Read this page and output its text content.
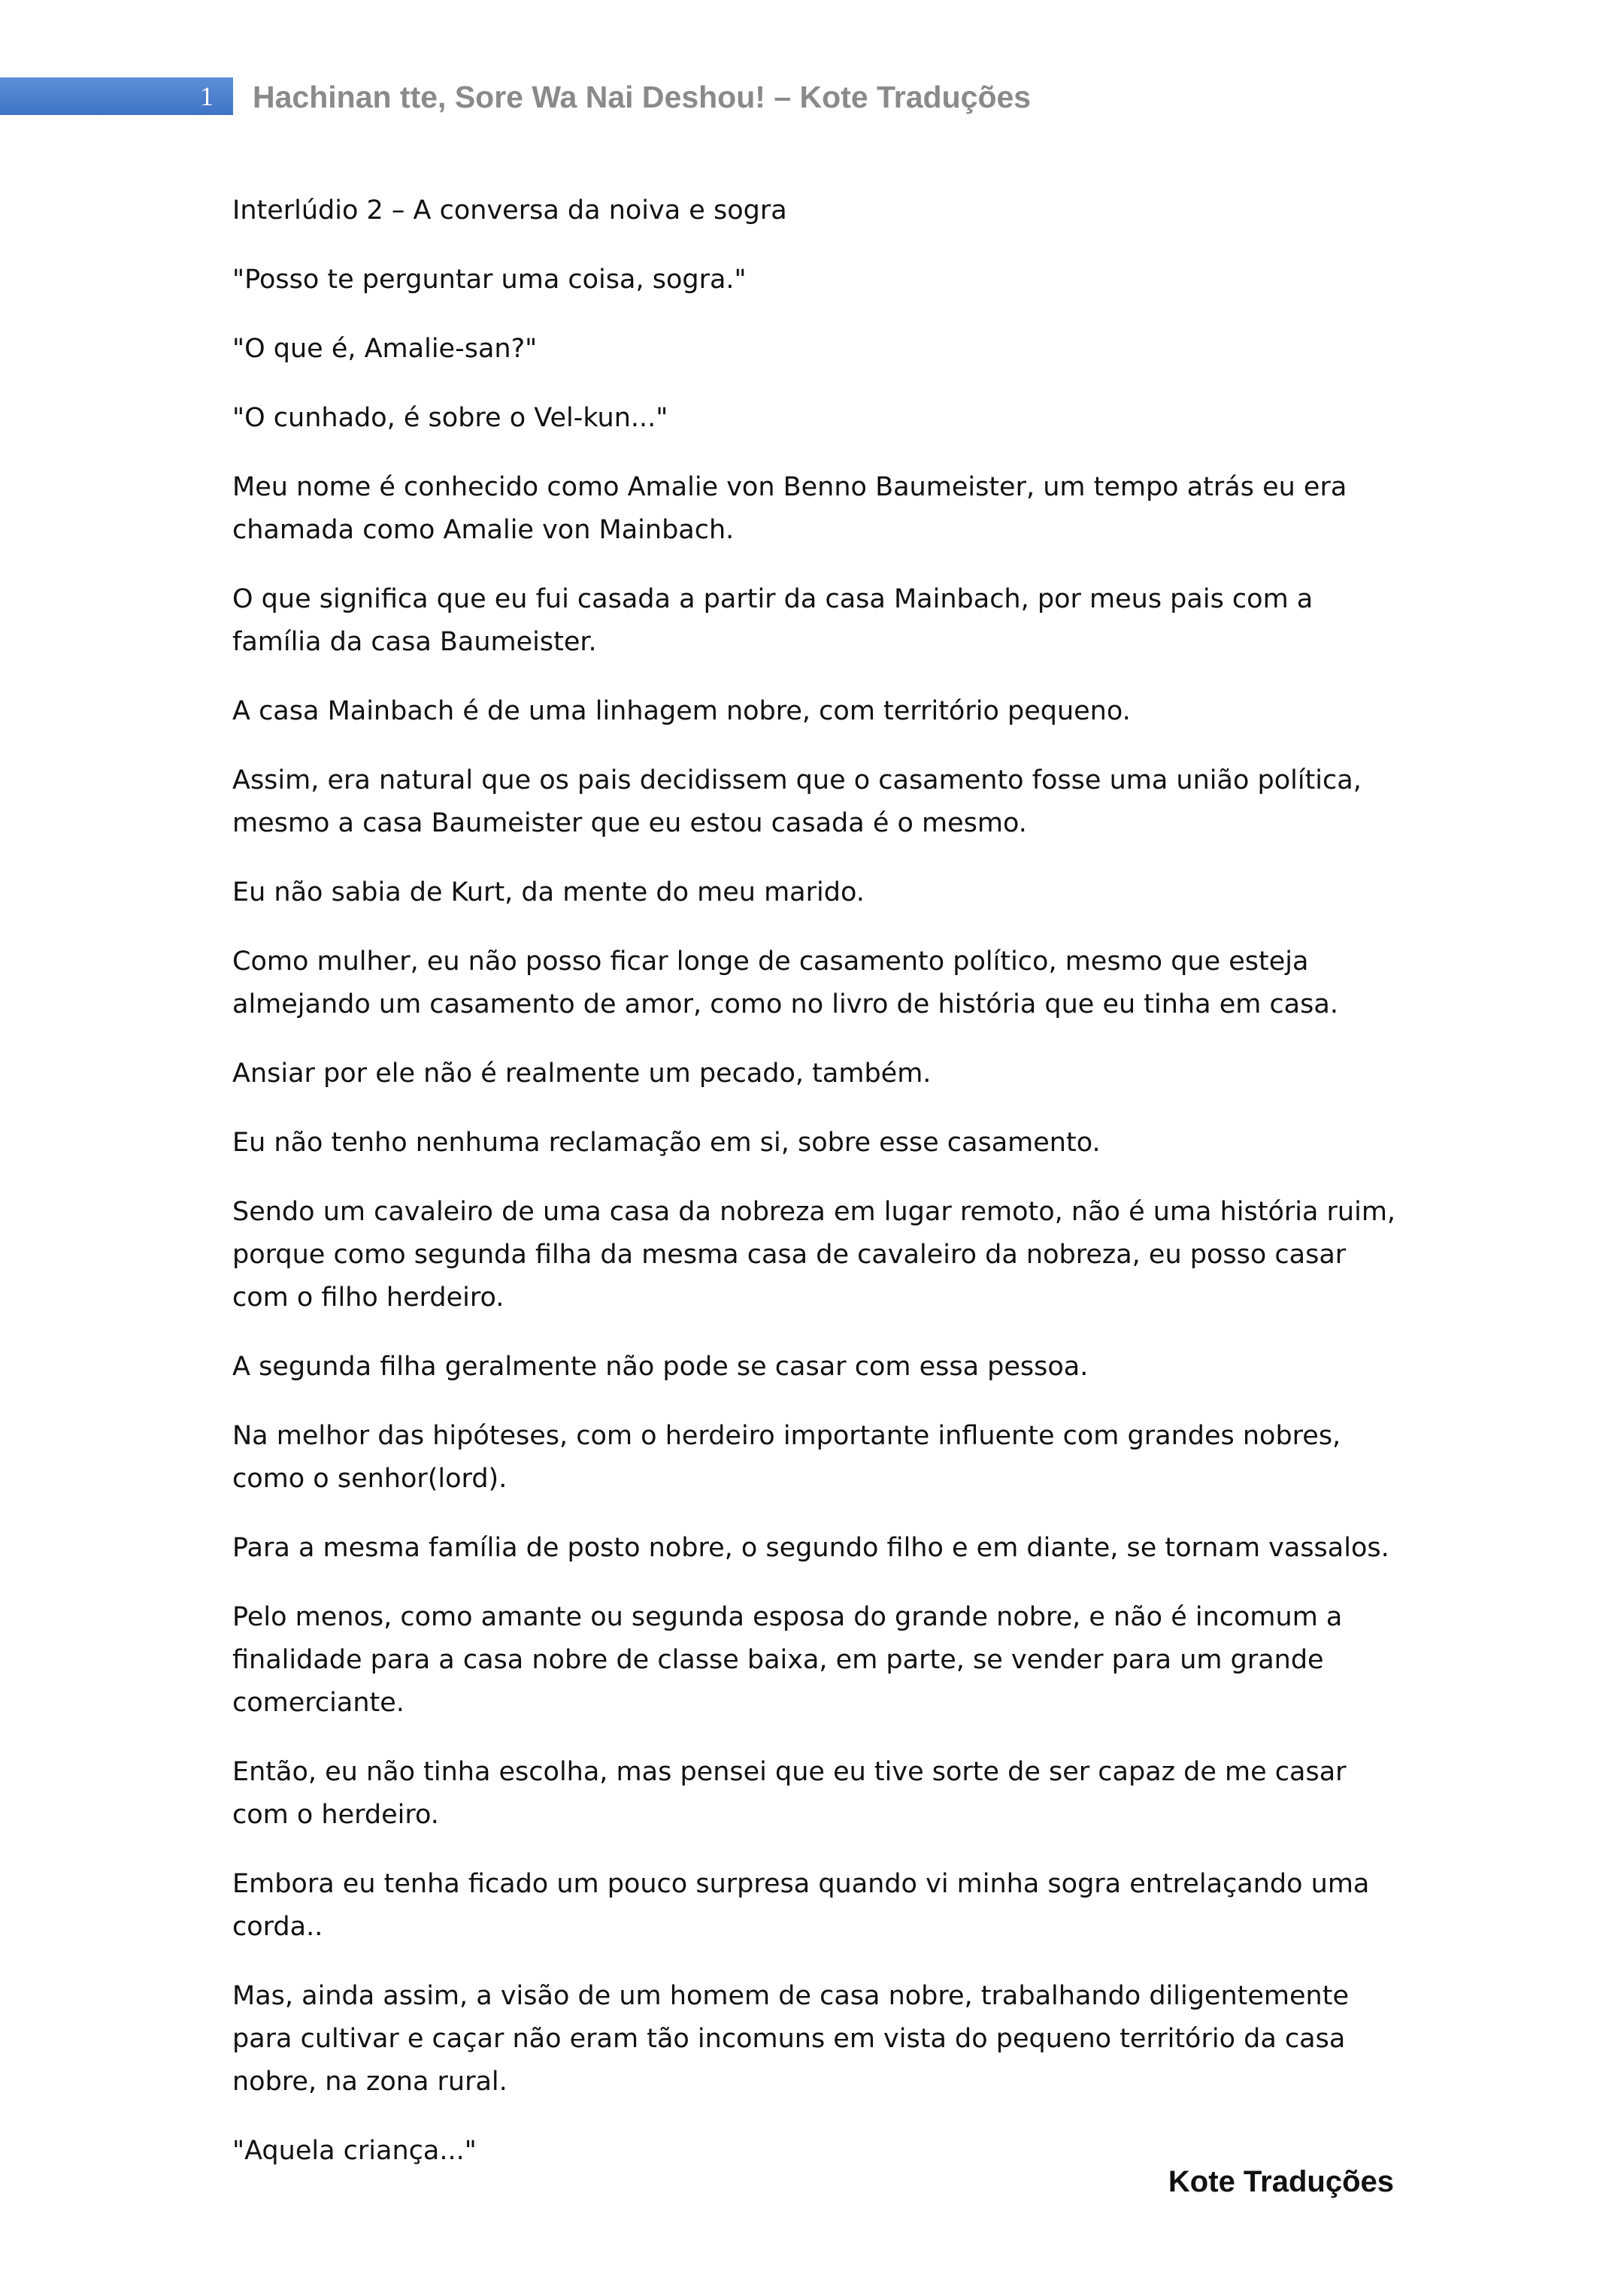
1 Hachinan tte, Sore Wa Nai Deshou! – Kote Traduções

Interlúdio 2 – A conversa da noiva e sogra

"Posso te perguntar uma coisa, sogra."

"O que é, Amalie-san?"

"O cunhado, é sobre o Vel-kun..."

Meu nome é conhecido como Amalie von Benno Baumeister, um tempo atrás eu era chamada como Amalie von Mainbach.

O que significa que eu fui casada a partir da casa Mainbach, por meus pais com a família da casa Baumeister.

A casa Mainbach é de uma linhagem nobre, com território pequeno.

Assim, era natural que os pais decidissem que o casamento fosse uma união política, mesmo a casa Baumeister que eu estou casada é o mesmo.

Eu não sabia de Kurt, da mente do meu marido.

Como mulher, eu não posso ficar longe de casamento político, mesmo que esteja almejando um casamento de amor, como no livro de história que eu tinha em casa.

Ansiar por ele não é realmente um pecado, também.

Eu não tenho nenhuma reclamação em si, sobre esse casamento.

Sendo um cavaleiro de uma casa da nobreza em lugar remoto, não é uma história ruim, porque como segunda filha da mesma casa de cavaleiro da nobreza, eu posso casar com o filho herdeiro.

A segunda filha geralmente não pode se casar com essa pessoa.

Na melhor das hipóteses, com o herdeiro importante influente com grandes nobres, como o senhor(lord).

Para a mesma família de posto nobre, o segundo filho e em diante, se tornam vassalos.

Pelo menos, como amante ou segunda esposa do grande nobre, e não é incomum a finalidade para a casa nobre de classe baixa, em parte, se vender para um grande comerciante.

Então, eu não tinha escolha, mas pensei que eu tive sorte de ser capaz de me casar com o herdeiro.

Embora eu tenha ficado um pouco surpresa quando vi minha sogra entrelaçando uma corda..

Mas, ainda assim, a visão de um homem de casa nobre, trabalhando diligentemente para cultivar e caçar não eram tão incomuns em vista do pequeno território da casa nobre, na zona rural.

"Aquela criança..."

Kote Traduções
